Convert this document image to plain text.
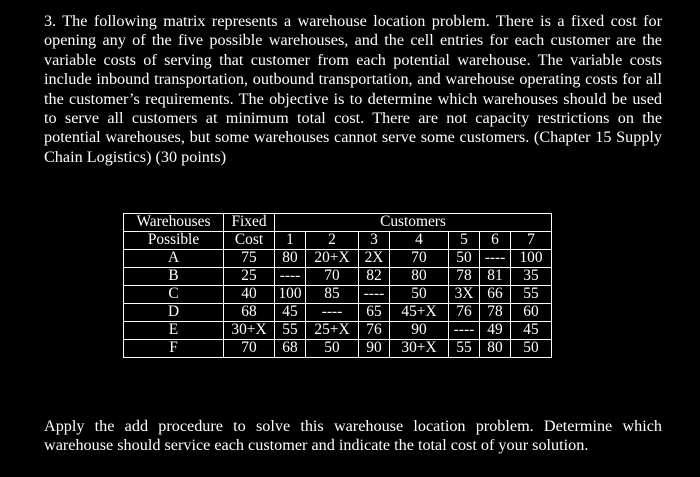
3. The following matrix represents a warehouse location problem. There is a fixed cost for opening any of the five possible warehouses, and the cell entries for each customer are the variable costs of serving that customer from each potential warehouse. The variable costs include inbound transportation, outbound transportation, and warehouse operating costs for all the customer’s requirements. The objective is to determine which warehouses should be used to serve all customers at minimum total cost. There are not capacity restrictions on the potential warehouses, but some warehouses cannot serve some customers. (Chapter 15 Supply Chain Logistics) (30 points)

Warehouses	Fixed	Customers						
Possible	Cost	1	2	3	4	5	6	7
A	75	80	20+X	2X	70	50	----	100
B	25	----	70	82	80	78	81	35
C	40	100	85	----	50	3X	66	55
D	68	45	----	65	45+X	76	78	60
E	30+X	55	25+X	76	90	----	49	45
F	70	68	50	90	30+X	55	80	50

Apply the add procedure to solve this warehouse location problem. Determine which warehouse should service each customer and indicate the total cost of your solution.
